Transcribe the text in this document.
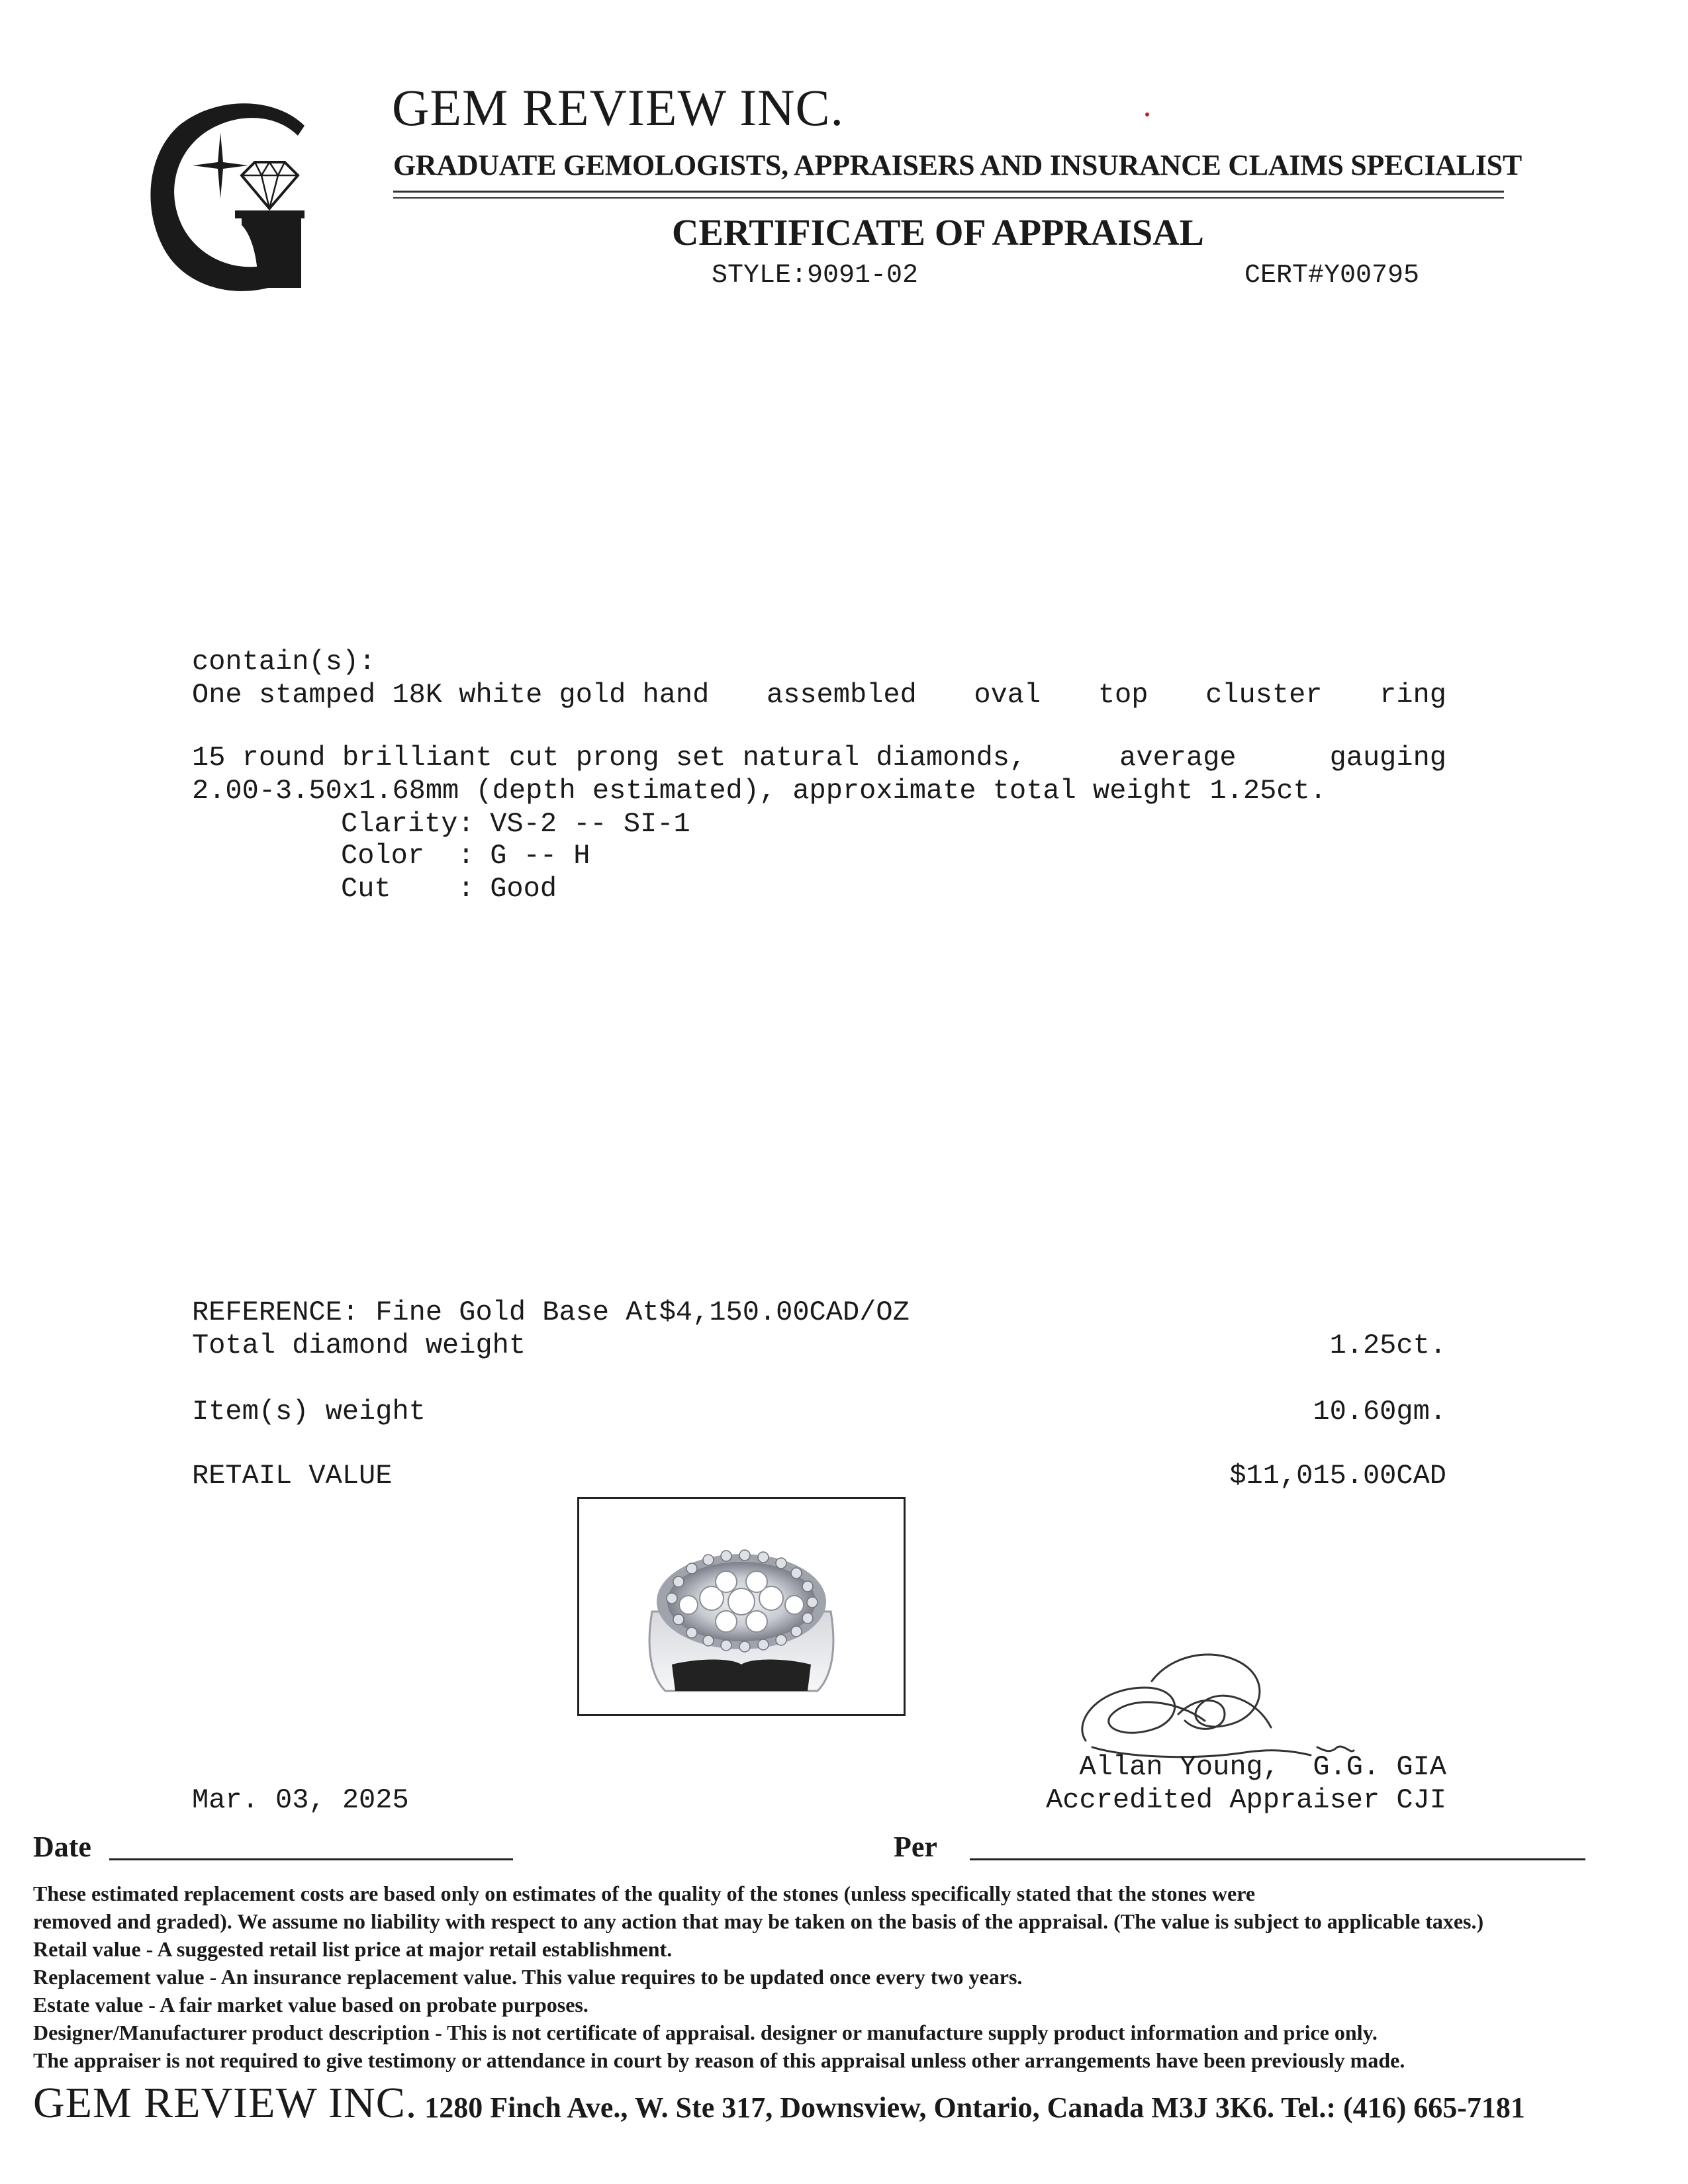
GEM REVIEW INC.
GRADUATE GEMOLOGISTS, APPRAISERS AND INSURANCE CLAIMS SPECIALIST
CERTIFICATE OF APPRAISAL
STYLE:9091-02	CERT#Y00795

One stamped 18K white gold hand assembled oval top cluster ring

contain(s):
15 round brilliant cut prong set natural diamonds,	average	gauging
2.00-3.50x1.68mm (depth estimated), approximate total weight 1.25ct.
Clarity: VS-2 -- SI-1
Color  : G -- H
Cut    : Good
REFERENCE: Fine Gold Base At$4,150.00CAD/OZ
Total diamond weight	1.25ct.
Item(s) weight	10.60gm.
RETAIL VALUE	$11,015.00CAD
Mar. 03, 2025
Allan Young,  G.G. GIA
Accredited Appraiser CJI
Date	Per
These estimated replacement costs are based only on estimates of the quality of the stones (unless specifically stated that the stones were
removed and graded). We assume no liability with respect to any action that may be taken on the basis of the appraisal. (The value is subject to applicable taxes.)
Retail value - A suggested retail list price at major retail establishment.
Replacement value - An insurance replacement value. This value requires to be updated once every two years.
Estate value - A fair market value based on probate purposes.
Designer/Manufacturer product description - This is not certificate of appraisal. designer or manufacture supply product information and price only.
The appraiser is not required to give testimony or attendance in court by reason of this appraisal unless other arrangements have been previously made.
GEM REVIEW INC. 1280 Finch Ave., W. Ste 317, Downsview, Ontario, Canada M3J 3K6. Tel.: (416) 665-7181
